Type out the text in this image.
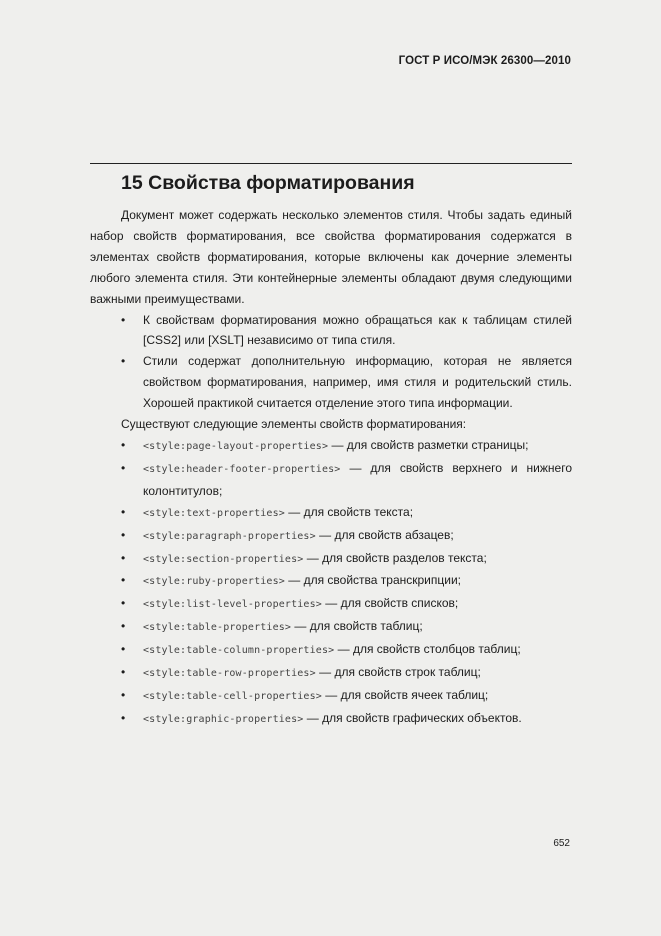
ГОСТ Р ИСО/МЭК 26300—2010
15 Свойства форматирования

Документ может содержать несколько элементов стиля. Чтобы задать единый набор свойств форматирования, все свойства форматирования содержатся в элементах свойств форматирования, которые включены как дочерние элементы любого элемента стиля. Эти контейнерные элементы обладают двумя следующими важными преимуществами.

• К свойствам форматирования можно обращаться как к таблицам стилей [CSS2] или [XSLT] независимо от типа стиля.
• Стили содержат дополнительную информацию, которая не является свойством форматирования, например, имя стиля и родительский стиль. Хорошей практикой считается отделение этого типа информации.

Существуют следующие элементы свойств форматирования:

• <style:page-layout-properties> — для свойств разметки страницы;
• <style:header-footer-properties> — для свойств верхнего и нижнего колонтитулов;
• <style:text-properties> — для свойств текста;
• <style:paragraph-properties> — для свойств абзацев;
• <style:section-properties> — для свойств разделов текста;
• <style:ruby-properties> — для свойства транскрипции;
• <style:list-level-properties> — для свойств списков;
• <style:table-properties> — для свойств таблиц;
• <style:table-column-properties> — для свойств столбцов таблиц;
• <style:table-row-properties> — для свойств строк таблиц;
• <style:table-cell-properties> — для свойств ячеек таблиц;
• <style:graphic-properties> — для свойств графических объектов.
652
